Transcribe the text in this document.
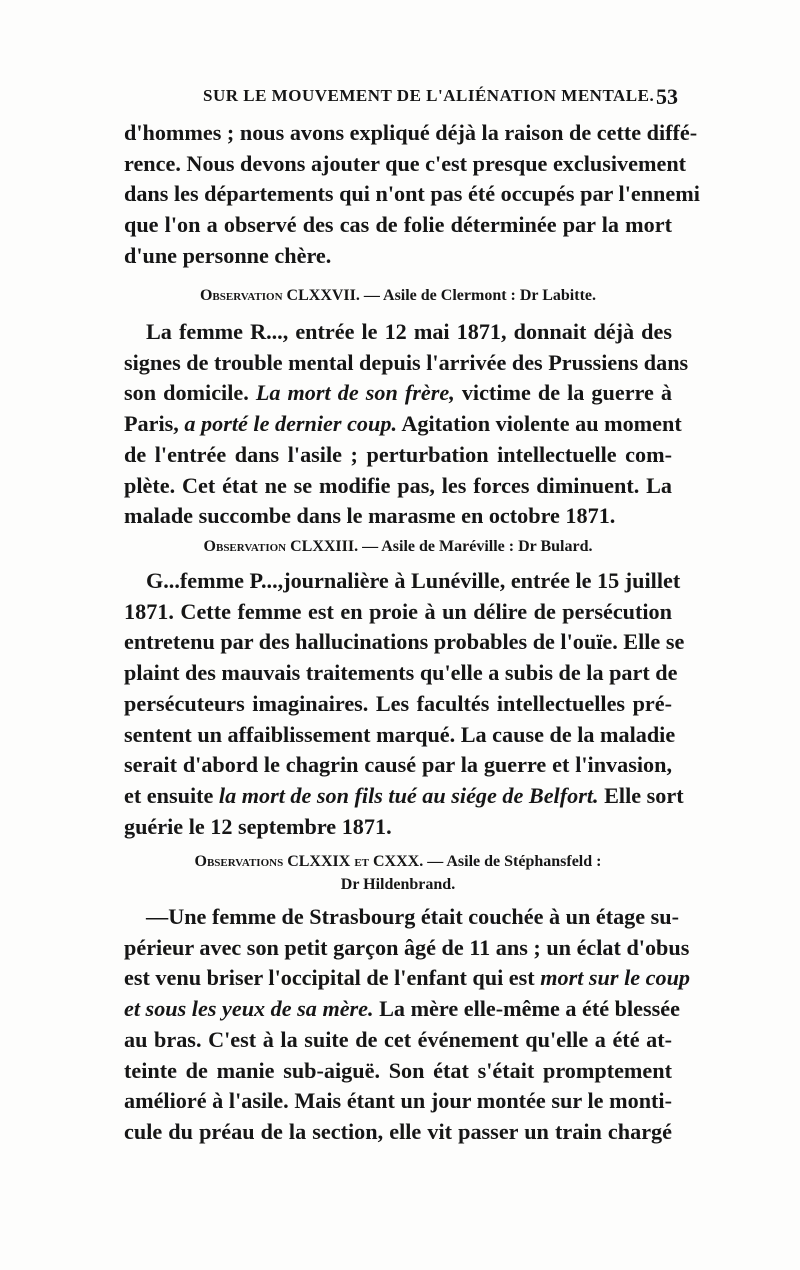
SUR LE MOUVEMENT DE L'ALIÉNATION MENTALE. 53
d'hommes ; nous avons expliqué déjà la raison de cette diffé-
rence. Nous devons ajouter que c'est presque exclusivement
dans les départements qui n'ont pas été occupés par l'ennemi
que l'on a observé des cas de folie déterminée par la mort
d'une personne chère.
Observation CLXXVII. — Asile de Clermont : Dr Labitte.
La femme R..., entrée le 12 mai 1871, donnait déjà des
signes de trouble mental depuis l'arrivée des Prussiens dans
son domicile. La mort de son frère, victime de la guerre à
Paris, a porté le dernier coup. Agitation violente au moment
de l'entrée dans l'asile ; perturbation intellectuelle com-
plète. Cet état ne se modifie pas, les forces diminuent. La
malade succombe dans le marasme en octobre 1871.
Observation CLXXIII. — Asile de Maréville : Dr Bulard.
G...femme P...,journalière à Lunéville, entrée le 15 juillet
1871. Cette femme est en proie à un délire de persécution
entretenu par des hallucinations probables de l'ouïe. Elle se
plaint des mauvais traitements qu'elle a subis de la part de
persécuteurs imaginaires. Les facultés intellectuelles pré-
sentent un affaiblissement marqué. La cause de la maladie
serait d'abord le chagrin causé par la guerre et l'invasion,
et ensuite la mort de son fils tué au siége de Belfort. Elle sort
guérie le 12 septembre 1871.
Observations CLXXIX et CXXX. — Asile de Stéphansfeld :
Dr Hildenbrand.
—Une femme de Strasbourg était couchée à un étage su-
périeur avec son petit garçon âgé de 11 ans ; un éclat d'obus
est venu briser l'occipital de l'enfant qui est mort sur le coup
et sous les yeux de sa mère. La mère elle-même a été blessée
au bras. C'est à la suite de cet événement qu'elle a été at-
teinte de manie sub-aiguë. Son état s'était promptement
amélioré à l'asile. Mais étant un jour montée sur le monti-
cule du préau de la section, elle vit passer un train chargé
